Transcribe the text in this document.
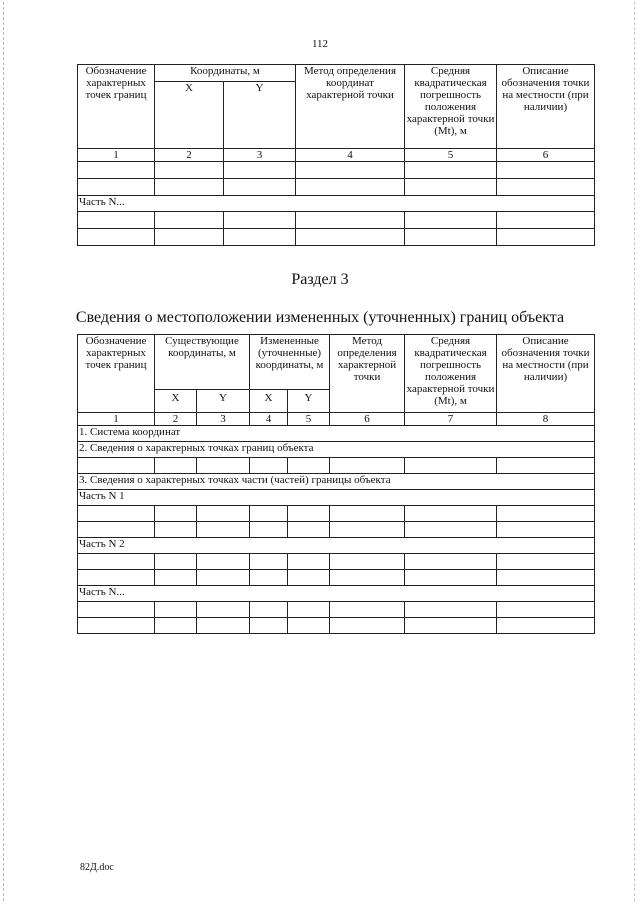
112
Обозначение характерных точек границ	Координаты, м		Метод определения координат характерной точки	Средняя квадратическая погрешность положения характерной точки (Mt), м	Описание обозначения точки на местности (при наличии)
	X	Y			
1	2	3	4	5	6

Часть N...					

Раздел 3
Сведения о местоположении измененных (уточненных) границ объекта
Обозначение характерных точек границ	Существующие координаты, м		Измененные (уточненные) координаты, м		Метод определения характерной точки	Средняя квадратическая погрешность положения характерной точки (Mt), м	Описание обозначения точки на местности (при наличии)
	X	Y	X	Y			
1	2	3	4	5	6	7	8
1. Система координат							
2. Сведения о характерных точках границ объекта							

3. Сведения о характерных точках части (частей) границы объекта							
Часть N 1							

Часть N 2							

Часть N...							

82Д.doc
